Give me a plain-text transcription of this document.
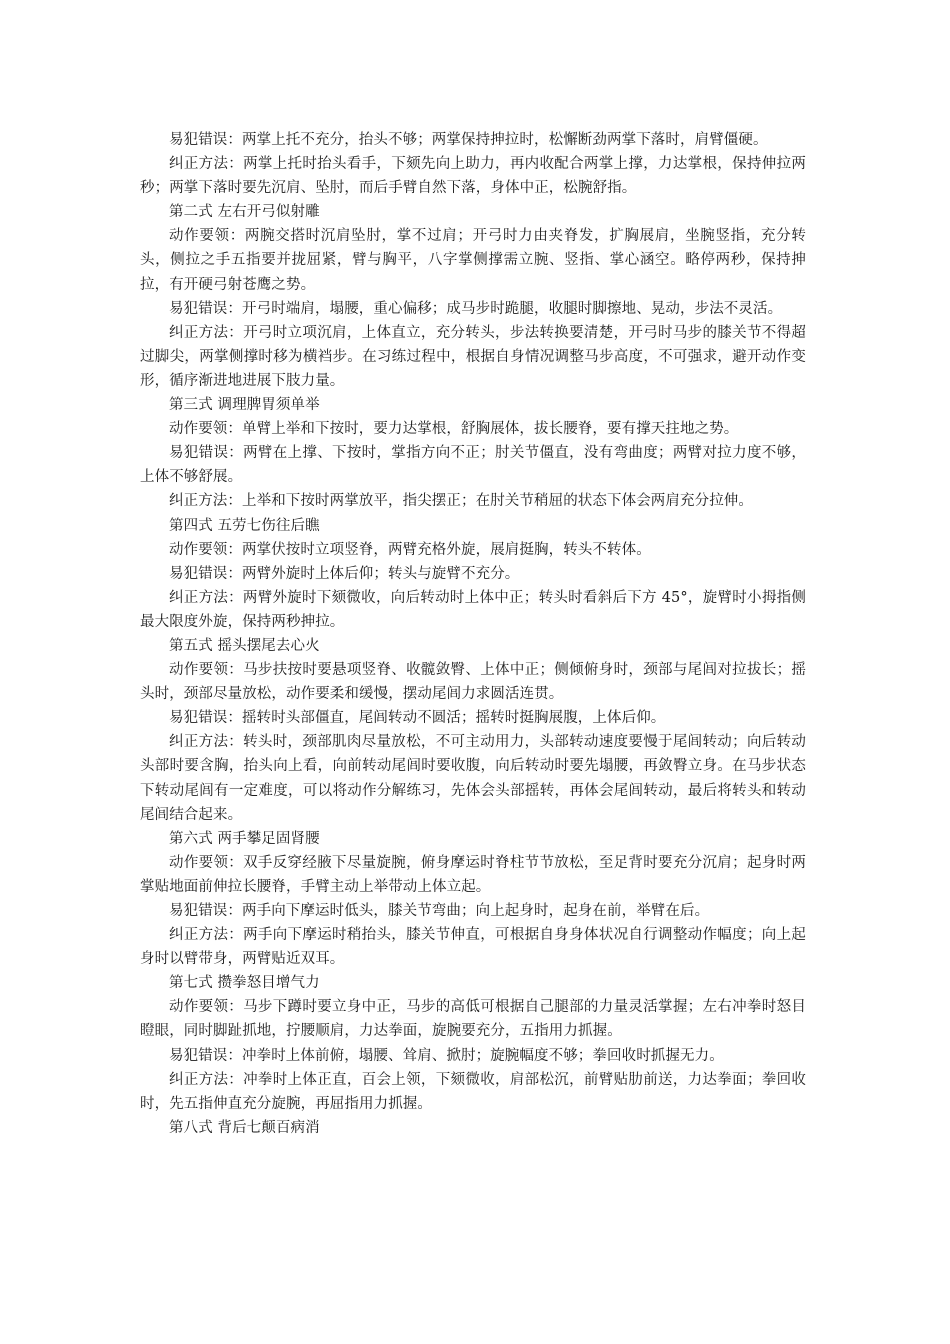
易犯错误：两掌上托不充分，抬头不够；两掌保持抻拉时，松懈断劲两掌下落时，肩臂僵硬。

纠正方法：两掌上托时抬头看手，下颏先向上助力，再内收配合两掌上撑，力达掌根，保持伸拉两秒；两掌下落时要先沉肩、坠肘，而后手臂自然下落，身体中正，松腕舒指。

第二式 左右开弓似射雕

动作要领：两腕交搭时沉肩坠肘，掌不过肩；开弓时力由夹脊发，扩胸展肩，坐腕竖指，充分转头，侧拉之手五指要并拢屈紧，臂与胸平，八字掌侧撑需立腕、竖指、掌心涵空。略停两秒，保持抻拉，有开硬弓射苍鹰之势。

易犯错误：开弓时端肩，塌腰，重心偏移；成马步时跪腿，收腿时脚擦地、晃动，步法不灵活。

纠正方法：开弓时立项沉肩，上体直立，充分转头，步法转换要清楚，开弓时马步的膝关节不得超过脚尖，两掌侧撑时移为横裆步。在习练过程中，根据自身情况调整马步高度，不可强求，避开动作变形，循序渐进地进展下肢力量。

第三式 调理脾胃须单举

动作要领：单臂上举和下按时，要力达掌根，舒胸展体，拔长腰脊，要有撑天拄地之势。

易犯错误：两臂在上撑、下按时，掌指方向不正；肘关节僵直，没有弯曲度；两臂对拉力度不够，上体不够舒展。

纠正方法：上举和下按时两掌放平，指尖摆正；在肘关节稍屈的状态下体会两肩充分拉伸。

第四式 五劳七伤往后瞧

动作要领：两掌伏按时立项竖脊，两臂充格外旋，展肩挺胸，转头不转体。

易犯错误：两臂外旋时上体后仰；转头与旋臂不充分。

纠正方法：两臂外旋时下颏微收，向后转动时上体中正；转头时看斜后下方 45°，旋臂时小拇指侧最大限度外旋，保持两秒抻拉。

第五式 摇头摆尾去心火

动作要领：马步扶按时要悬项竖脊、收髋敛臀、上体中正；侧倾俯身时，颈部与尾闾对拉拔长；摇头时，颈部尽量放松，动作要柔和缓慢，摆动尾闾力求圆活连贯。

易犯错误：摇转时头部僵直，尾闾转动不圆活；摇转时挺胸展腹，上体后仰。

纠正方法：转头时，颈部肌肉尽量放松，不可主动用力，头部转动速度要慢于尾闾转动；向后转动头部时要含胸，抬头向上看，向前转动尾闾时要收腹，向后转动时要先塌腰，再敛臀立身。在马步状态下转动尾闾有一定难度，可以将动作分解练习，先体会头部摇转，再体会尾闾转动，最后将转头和转动尾闾结合起来。

第六式 两手攀足固肾腰

动作要领：双手反穿经腋下尽量旋腕，俯身摩运时脊柱节节放松，至足背时要充分沉肩；起身时两掌贴地面前伸拉长腰脊，手臂主动上举带动上体立起。

易犯错误：两手向下摩运时低头，膝关节弯曲；向上起身时，起身在前，举臂在后。

纠正方法：两手向下摩运时稍抬头，膝关节伸直，可根据自身身体状况自行调整动作幅度；向上起身时以臂带身，两臂贴近双耳。

第七式 攒拳怒目增气力

动作要领：马步下蹲时要立身中正，马步的高低可根据自己腿部的力量灵活掌握；左右冲拳时怒目瞪眼，同时脚趾抓地，拧腰顺肩，力达拳面，旋腕要充分，五指用力抓握。

易犯错误：冲拳时上体前俯，塌腰、耸肩、掀肘；旋腕幅度不够；拳回收时抓握无力。

纠正方法：冲拳时上体正直，百会上领，下颏微收，肩部松沉，前臂贴肋前送，力达拳面；拳回收时，先五指伸直充分旋腕，再屈指用力抓握。

第八式 背后七颠百病消
